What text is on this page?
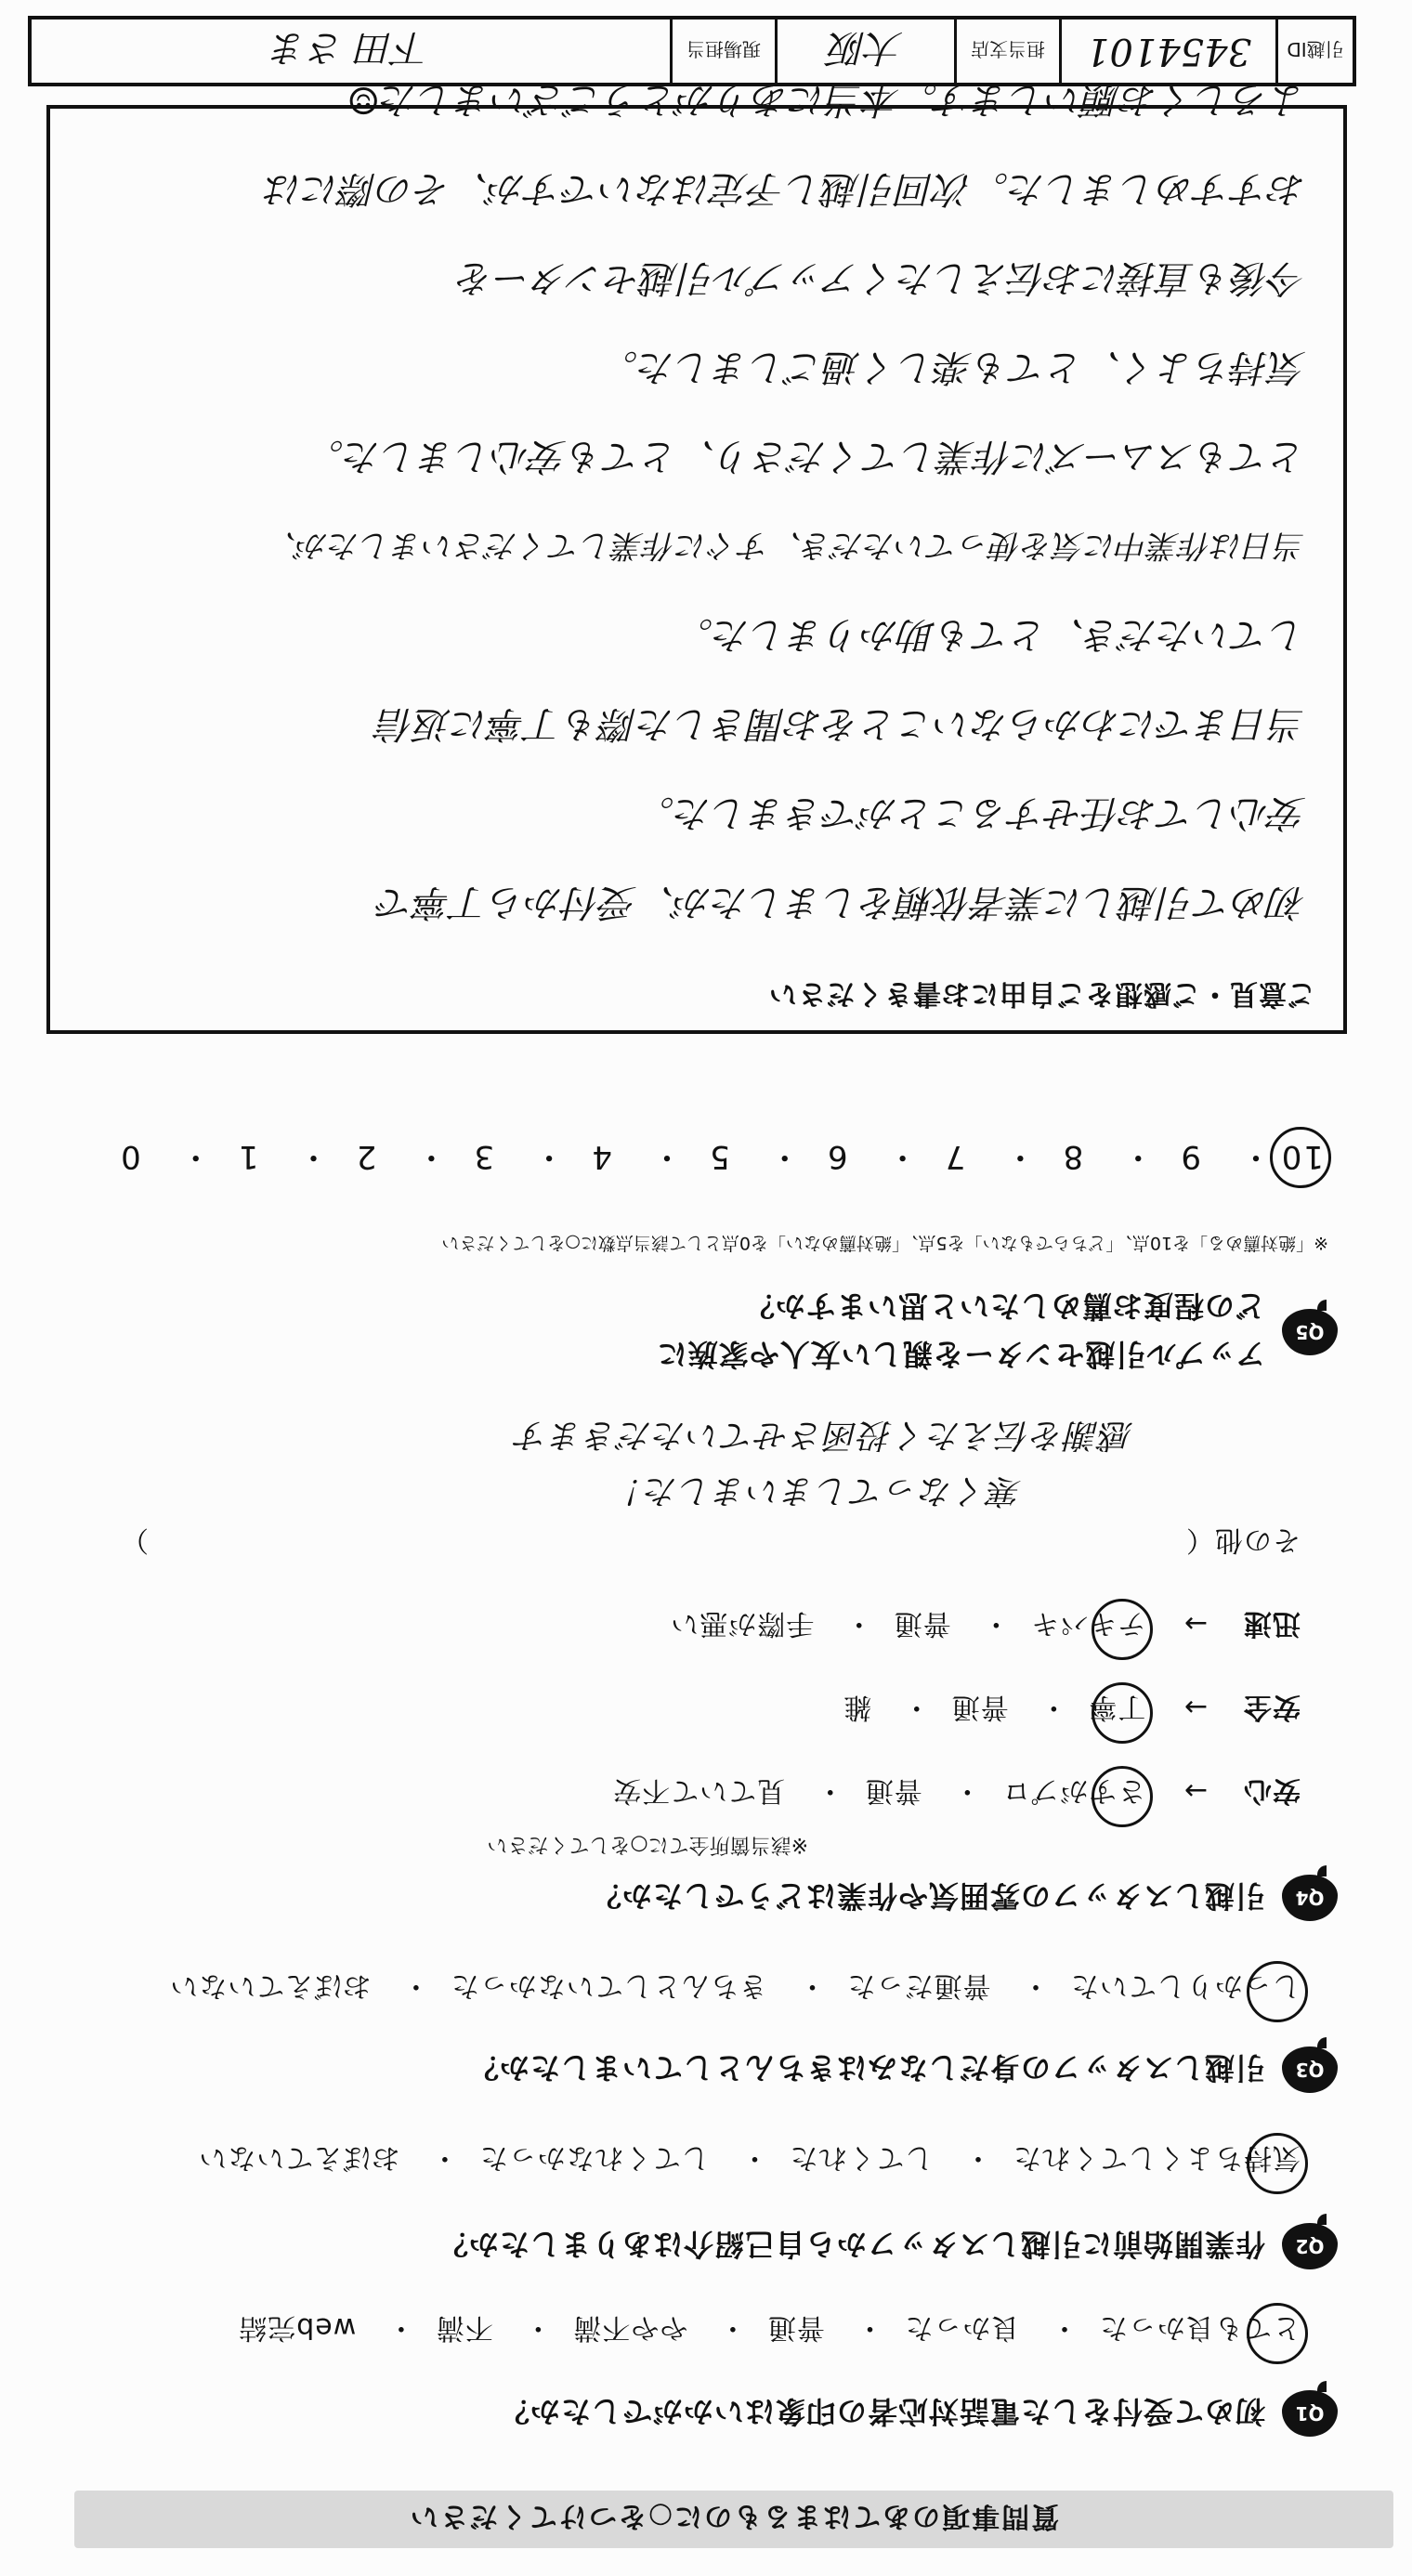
質問事項のあてはまるものに○をつけてください
Q1
初めて受付をした電話対応者の印象はいかがでしたか？
とても良かった・ 良かった・ 普通・ やや不満・ 不満・ web完結
Q2
作業開始前に引越しスタッフから自己紹介はありましたか？
気持ちよくしてくれた・ してくれた・ してくれなかった・ おぼえていない
Q3
引越しスタッフの身だしなみはきちんとしていましたか？
しっかりしていた・ 普通だった・ きちんとしていなかった・ おぼえていない
Q4
引越しスタッフの雰囲気や作業はどうでしたか？
※該当箇所全てに○をしてください
安心→ さすがプロ・ 普通・ 見ていて不安
安全→ 丁寧・ 普通・ 雑
迅速→ テキパキ・ 普通・ 手際が悪い
その他（
）
寒くなってしまいました！
感謝を伝えたく投函させていただきます
Q5
アップル引越センターを親しい友人や家族に
どの程度お薦めしたいと思いますか？
※「絶対薦める」を10点、「どちらでもない」を5点、「絶対薦めない」を0点として該当点数に○をしてください
10・ 9・ 8・ 7・ 6・ 5・ 4・ 3・ 2・ 1・ 0
ご意見・ご感想をご自由にお書きください
初めて引越しに業者依頼をしましたが、受付から丁寧で
安心してお任せすることができました。
当日までにわからないことをお聞きした際も丁寧に返信
していただき、とても助かりました。
当日は作業中に気を使っていただき、すぐに作業してくださいましたが、
とてもスムーズに作業してくださり、とても安心しました。
気持ちよく、とても楽しく過ごしました。
今後も直接にお伝えしたくアップル引越センターを
おすすめしました。次回引越し予定はないですが、その際には
よろしくお願いします。本当にありがとうございました☺
引越ID
3454101
担当支店
大阪
現場担当
下田 さま
